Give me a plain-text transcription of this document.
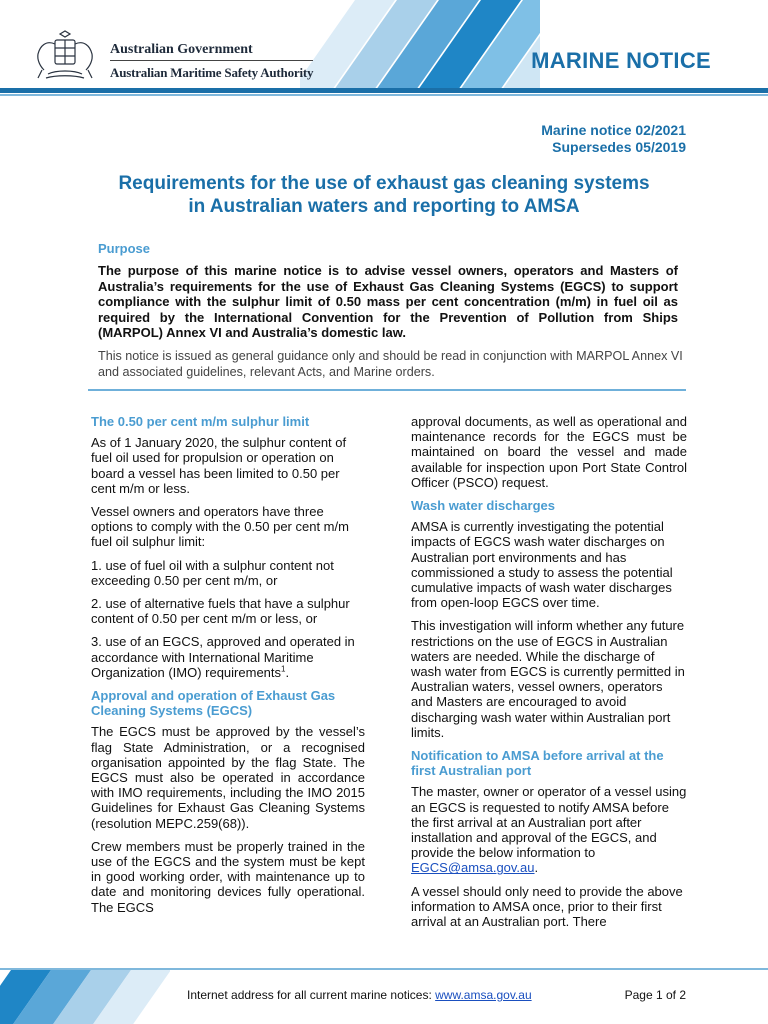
Australian Government
Australian Maritime Safety Authority	MARINE NOTICE
Marine notice 02/2021
Supersedes 05/2019
Requirements for the use of exhaust gas cleaning systems
in Australian waters and reporting to AMSA
Purpose
The purpose of this marine notice is to advise vessel owners, operators and Masters of Australia’s requirements for the use of Exhaust Gas Cleaning Systems (EGCS) to support compliance with the sulphur limit of 0.50 mass per cent concentration (m/m) in fuel oil as required by the International Convention for the Prevention of Pollution from Ships (MARPOL) Annex VI and Australia’s domestic law.
This notice is issued as general guidance only and should be read in conjunction with MARPOL Annex VI and associated guidelines, relevant Acts, and Marine orders.

The 0.50 per cent m/m sulphur limit

As of 1 January 2020, the sulphur content of fuel oil used for propulsion or operation on board a vessel has been limited to 0.50 per cent m/m or less.

Vessel owners and operators have three options to comply with the 0.50 per cent m/m fuel oil sulphur limit:

1. use of fuel oil with a sulphur content not exceeding 0.50 per cent m/m, or

2. use of alternative fuels that have a sulphur content of 0.50 per cent m/m or less, or

3. use of an EGCS, approved and operated in accordance with International Maritime Organization (IMO) requirements$^1$.

Approval and operation of Exhaust Gas Cleaning Systems (EGCS)

The EGCS must be approved by the vessel’s flag State Administration, or a recognised organisation appointed by the flag State. The EGCS must also be operated in accordance with IMO requirements, including the IMO 2015 Guidelines for Exhaust Gas Cleaning Systems (resolution MEPC.259(68)).

Crew members must be properly trained in the use of the EGCS and the system must be kept in good working order, with maintenance up to date and monitoring devices fully operational. The EGCS

approval documents, as well as operational and maintenance records for the EGCS must be maintained on board the vessel and made available for inspection upon Port State Control Officer (PSCO) request.

Wash water discharges

AMSA is currently investigating the potential impacts of EGCS wash water discharges on Australian port environments and has commissioned a study to assess the potential cumulative impacts of wash water discharges from open-loop EGCS over time.

This investigation will inform whether any future restrictions on the use of EGCS in Australian waters are needed. While the discharge of wash water from EGCS is currently permitted in Australian waters, vessel owners, operators and Masters are encouraged to avoid discharging wash water within Australian port limits.

Notification to AMSA before arrival at the first Australian port

The master, owner or operator of a vessel using an EGCS is requested to notify AMSA before the first arrival at an Australian port after installation and approval of the EGCS, and provide the below information to EGCS@amsa.gov.au.

A vessel should only need to provide the above information to AMSA once, prior to their first arrival at an Australian port. There

Internet address for all current marine notices: www.amsa.gov.au	Page 1 of 2
